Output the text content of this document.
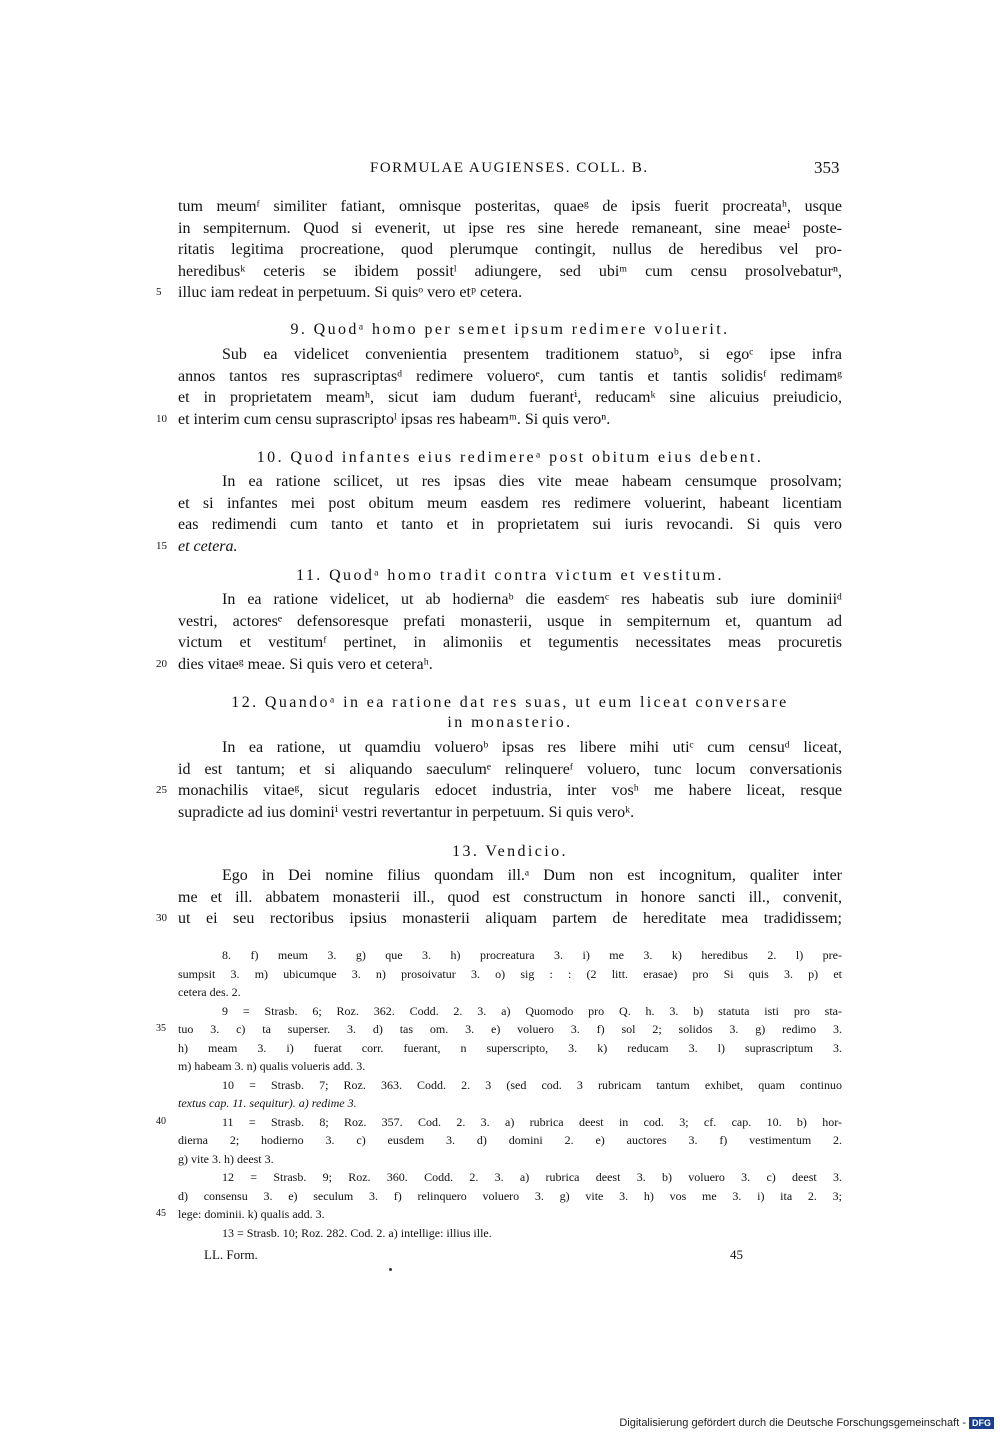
FORMULAE AUGIENSES. COLL. B.	353
tum meumᶠ similiter fatiant, omnisque posteritas, quaeᵍ de ipsis fuerit procreataʰ, usque
in sempiternum. Quod si evenerit, ut ipse res sine herede remaneant, sine meaeⁱ poste-
ritatis legitima procreatione, quod plerumque contingit, nullus de heredibus vel pro-
heredibusᵏ ceteris se ibidem possitˡ adiungere, sed ubiᵐ cum censu prosolvebaturⁿ,
5 illuc iam redeat in perpetuum. Si quisᵒ vero etᵖ cetera.
9. Quodᵃ homo per semet ipsum redimere voluerit.
Sub ea videlicet convenientia presentem traditionem statuoᵇ, si egoᶜ ipse infra
annos tantos res suprascriptasᵈ redimere volueroᵉ, cum tantis et tantis solidisᶠ redimamᵍ
et in proprietatem meamʰ, sicut iam dudum fuerantⁱ, reducamᵏ sine alicuius preiudicio,
10 et interim cum censu suprascriptoˡ ipsas res habeamᵐ. Si quis veroⁿ.
10. Quod infantes eius redimereᵃ post obitum eius debent.
In ea ratione scilicet, ut res ipsas dies vite meae habeam censumque prosolvam;
et si infantes mei post obitum meum easdem res redimere voluerint, habeant licentiam
eas redimendi cum tanto et tanto et in proprietatem sui iuris revocandi. Si quis vero
15 et cetera.
11. Quodᵃ homo tradit contra victum et vestitum.
In ea ratione videlicet, ut ab hodiernaᵇ die easdemᶜ res habeatis sub iure dominiiᵈ
vestri, actoresᵉ defensoresque prefati monasterii, usque in sempiternum et, quantum ad
victum et vestitumᶠ pertinet, in alimoniis et tegumentis necessitates meas procuretis
20 dies vitaeᵍ meae. Si quis vero et ceteraʰ.
12. Quandoᵃ in ea ratione dat res suas, ut eum liceat conversare
in monasterio.
In ea ratione, ut quamdiu volueroᵇ ipsas res libere mihi utiᶜ cum censuᵈ liceat,
id est tantum; et si aliquando saeculumᵉ relinquereᶠ voluero, tunc locum conversationis
25 monachilis vitaeᵍ, sicut regularis edocet industria, inter vosʰ me habere liceat, resque
supradicte ad ius dominiⁱ vestri revertantur in perpetuum. Si quis veroᵏ.
13. Vendicio.
Ego in Dei nomine filius quondam ill.ᵃ Dum non est incognitum, qualiter inter
me et ill. abbatem monasterii ill., quod est constructum in honore sancti ill., convenit,
30 ut ei seu rectoribus ipsius monasterii aliquam partem de hereditate mea tradidissem;
8. f) meum 3. g) que 3. h) procreatura 3. i) me 3. k) heredibus 2. l) pre-
sumpsit 3. m) ubicumque 3. n) prosoivatur 3. o) sig : : (2 litt. erasae) pro Si quis 3. p) et
cetera des. 2.
9 = Strasb. 6; Roz. 362. Codd. 2. 3. a) Quomodo pro Q. h. 3. b) statuta isti pro sta-
35 tuo 3. c) ta superser. 3. d) tas om. 3. e) voluero 3. f) sol 2; solidos 3. g) redimo 3.
h) meam 3. i) fuerat corr. fuerant, n superscripto, 3. k) reducam 3. l) suprascriptum 3.
m) habeam 3. n) qualis volueris add. 3.
10 = Strasb. 7; Roz. 363. Codd. 2. 3 (sed cod. 3 rubricam tantum exhibet, quam continuo
textus cap. 11. sequitur). a) redime 3.
40	11 = Strasb. 8; Roz. 357. Cod. 2. 3. a) rubrica deest in cod. 3; cf. cap. 10. b) hor-
dierna 2; hodierno 3. c) eusdem 3. d) domini 2. e) auctores 3. f) vestimentum 2.
g) vite 3. h) deest 3.
12 = Strasb. 9; Roz. 360. Codd. 2. 3. a) rubrica deest 3. b) voluero 3. c) deest 3.
d) consensu 3. e) seculum 3. f) relinquero voluero 3. g) vite 3. h) vos me 3. i) ita 2. 3;
45 lege: dominii. k) qualis add. 3.
13 = Strasb. 10; Roz. 282. Cod. 2. a) intellige: illius ille.
LL. Form.	45
Digitalisierung gefördert durch die Deutsche Forschungsgemeinschaft - DFG
